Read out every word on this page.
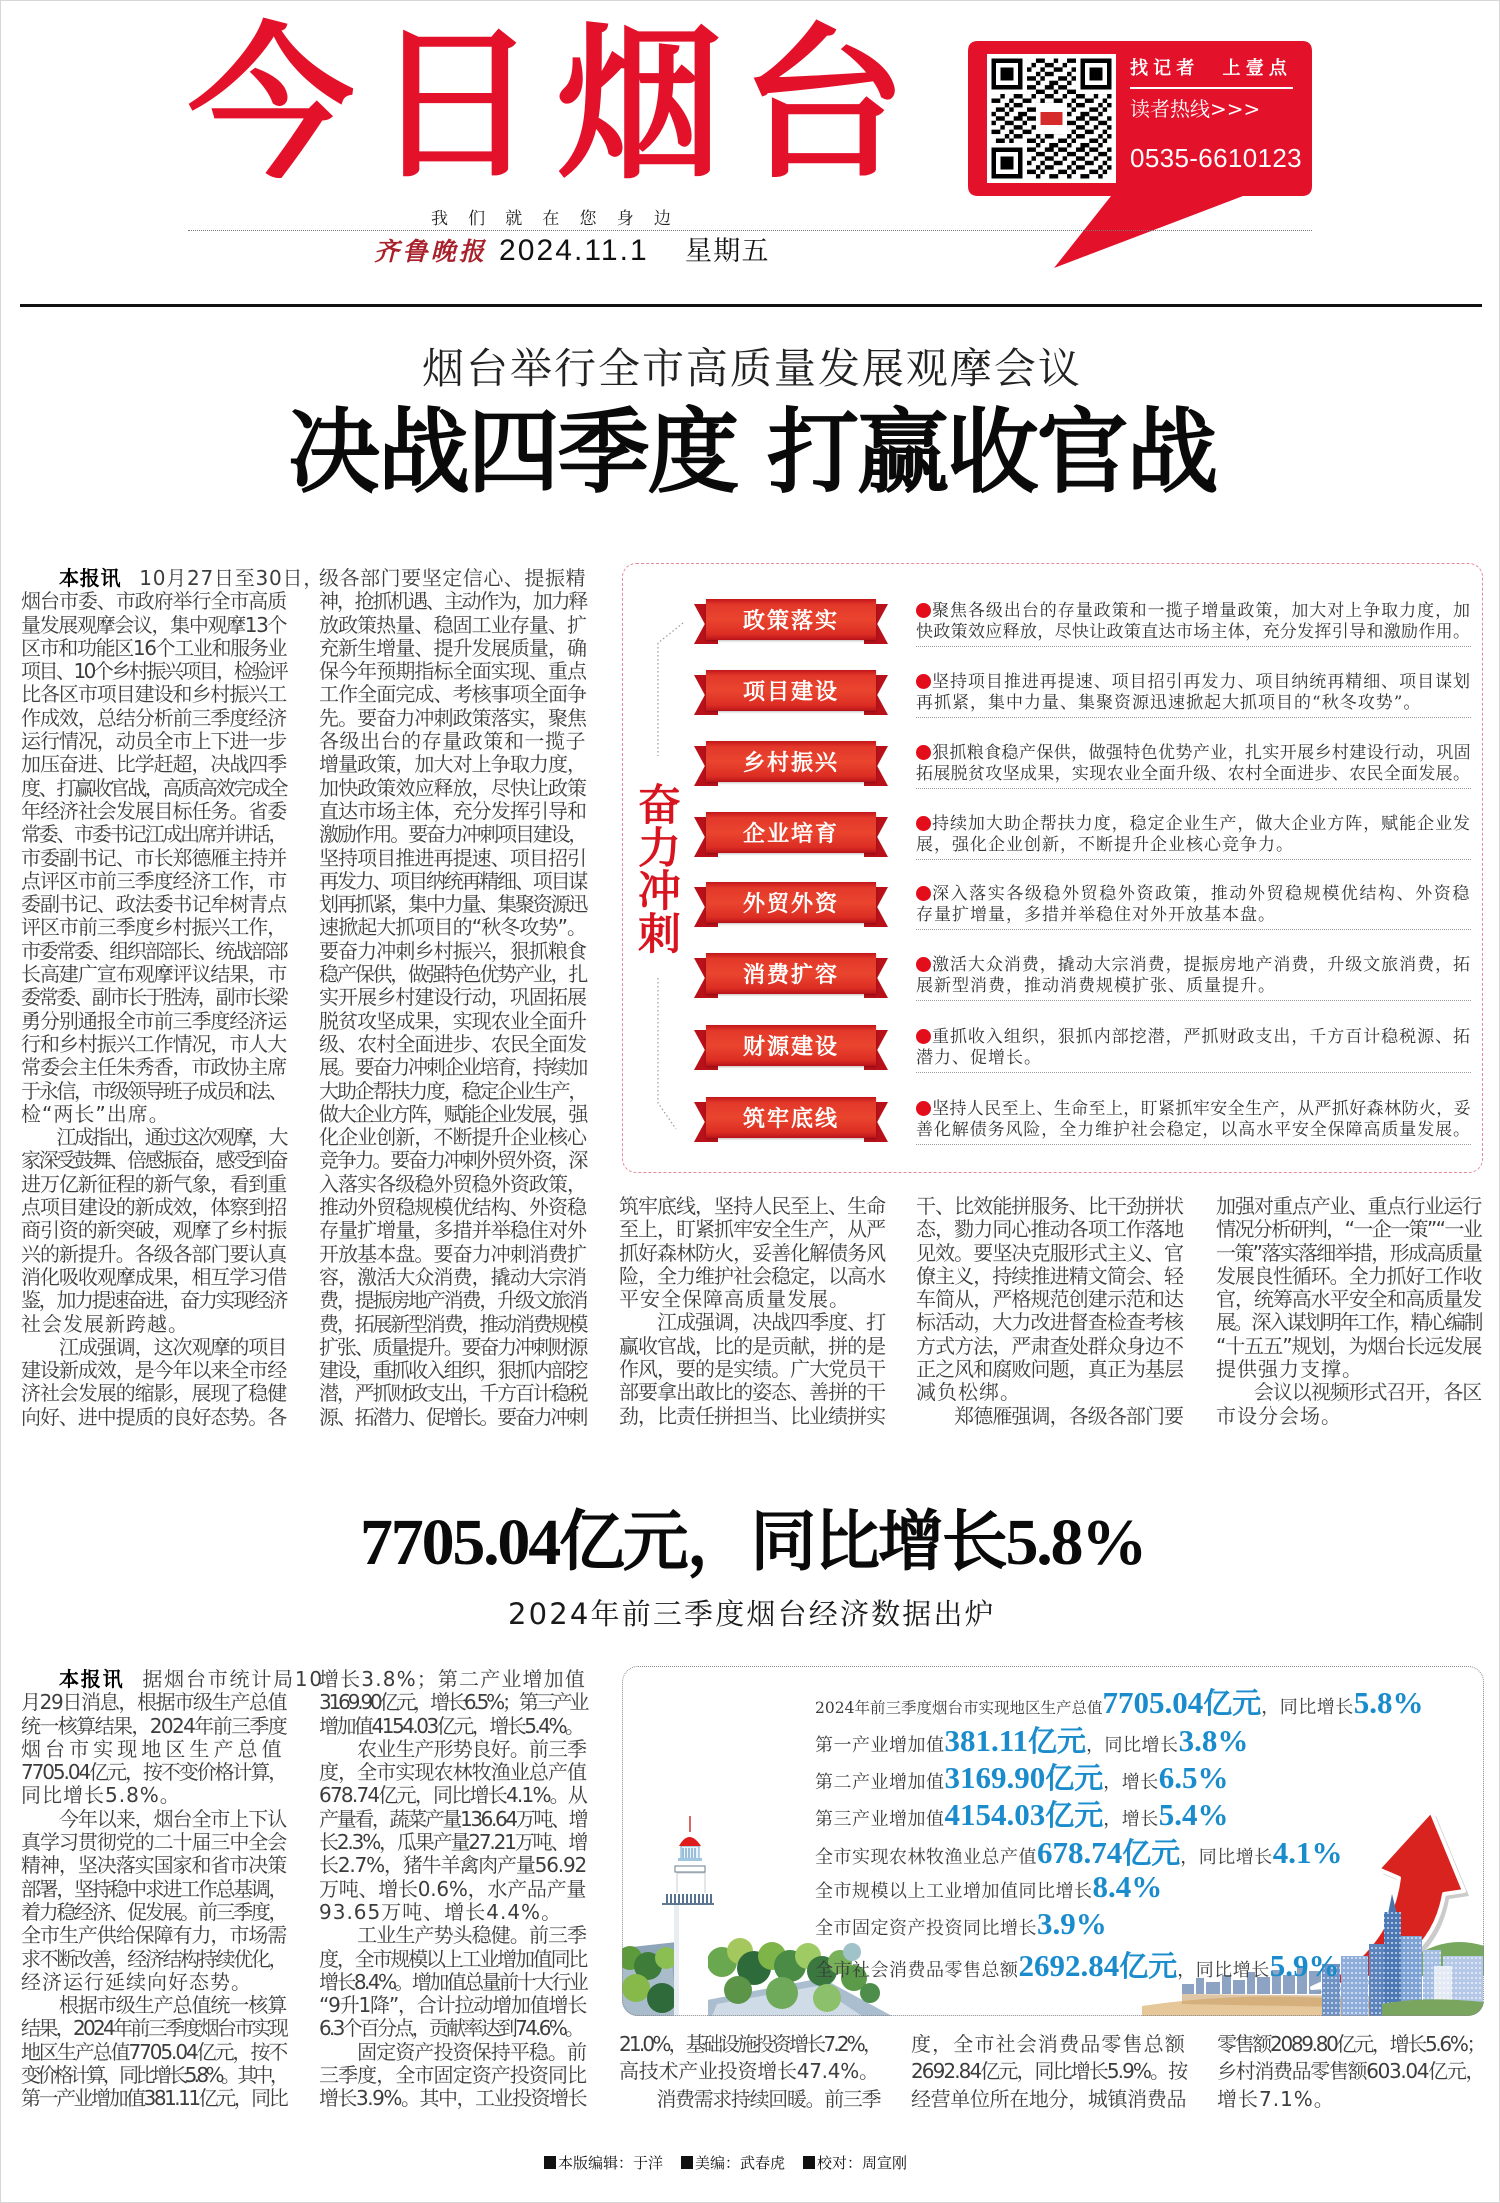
今日烟台	找记者　上壹点
读者热线>>>
0535-6610123
我们就在您身边
齐鲁晚报 2024.11.1 星期五
烟台举行全市高质量发展观摩会议
决战四季度 打赢收官战
本报讯 10月27日至30日，
烟台市委、市政府举行全市高质
量发展观摩会议，集中观摩13个
区市和功能区16个工业和服务业
项目、10个乡村振兴项目，检验评
比各区市项目建设和乡村振兴工
作成效，总结分析前三季度经济
运行情况，动员全市上下进一步
加压奋进、比学赶超，决战四季
度、打赢收官战，高质高效完成全
年经济社会发展目标任务。省委
常委、市委书记江成出席并讲话，
市委副书记、市长郑德雁主持并
点评区市前三季度经济工作，市
委副书记、政法委书记牟树青点
评区市前三季度乡村振兴工作，
市委常委、组织部部长、统战部部
长高建广宣布观摩评议结果，市
委常委、副市长于胜涛，副市长梁
勇分别通报全市前三季度经济运
行和乡村振兴工作情况，市人大
常委会主任朱秀香，市政协主席
于永信，市级领导班子成员和法、
检“两长”出席。
　　江成指出，通过这次观摩，大
家深受鼓舞、倍感振奋，感受到奋
进万亿新征程的新气象，看到重
点项目建设的新成效，体察到招
商引资的新突破，观摩了乡村振
兴的新提升。各级各部门要认真
消化吸收观摩成果，相互学习借
鉴，加力提速奋进，奋力实现经济
社会发展新跨越。
　　江成强调，这次观摩的项目
建设新成效，是今年以来全市经
济社会发展的缩影，展现了稳健
向好、进中提质的良好态势。各
级各部门要坚定信心、提振精
神，抢抓机遇、主动作为，加力释
放政策热量、稳固工业存量、扩
充新生增量、提升发展质量，确
保今年预期指标全面实现、重点
工作全面完成、考核事项全面争
先。要奋力冲刺政策落实，聚焦
各级出台的存量政策和一揽子
增量政策，加大对上争取力度，
加快政策效应释放，尽快让政策
直达市场主体，充分发挥引导和
激励作用。要奋力冲刺项目建设，
坚持项目推进再提速、项目招引
再发力、项目纳统再精细、项目谋
划再抓紧，集中力量、集聚资源迅
速掀起大抓项目的“秋冬攻势”。
要奋力冲刺乡村振兴，狠抓粮食
稳产保供，做强特色优势产业，扎
实开展乡村建设行动，巩固拓展
脱贫攻坚成果，实现农业全面升
级、农村全面进步、农民全面发
展。要奋力冲刺企业培育，持续加
大助企帮扶力度，稳定企业生产，
做大企业方阵，赋能企业发展，强
化企业创新，不断提升企业核心
竞争力。要奋力冲刺外贸外资，深
入落实各级稳外贸稳外资政策，
推动外贸稳规模优结构、外资稳
存量扩增量，多措并举稳住对外
开放基本盘。要奋力冲刺消费扩
容，激活大众消费，撬动大宗消
费，提振房地产消费，升级文旅消
费，拓展新型消费，推动消费规模
扩张、质量提升。要奋力冲刺财源
建设，重抓收入组织，狠抓内部挖
潜，严抓财政支出，千方百计稳税
源、拓潜力、促增长。要奋力冲刺
筑牢底线，坚持人民至上、生命
至上，盯紧抓牢安全生产，从严
抓好森林防火，妥善化解债务风
险，全力维护社会稳定，以高水
平安全保障高质量发展。
　　江成强调，决战四季度、打
赢收官战，比的是贡献，拼的是
作风，要的是实绩。广大党员干
部要拿出敢比的姿态、善拼的干
劲，比责任拼担当、比业绩拼实
干、比效能拼服务、比干劲拼状
态，勠力同心推动各项工作落地
见效。要坚决克服形式主义、官
僚主义，持续推进精文简会、轻
车简从，严格规范创建示范和达
标活动，大力改进督查检查考核
方式方法，严肃查处群众身边不
正之风和腐败问题，真正为基层
减负松绑。
　　郑德雁强调，各级各部门要
加强对重点产业、重点行业运行
情况分析研判，“一企一策”“一业
一策”落实落细举措，形成高质量
发展良性循环。全力抓好工作收
官，统筹高水平安全和高质量发
展。深入谋划明年工作，精心编制
“十五五”规划，为烟台长远发展
提供强力支撑。
　　会议以视频形式召开，各区
市设分会场。
奋力冲刺
政策落实	聚焦各级出台的存量政策和一揽子增量政策，加大对上争取力度，加
快政策效应释放，尽快让政策直达市场主体，充分发挥引导和激励作用。
项目建设	坚持项目推进再提速、项目招引再发力、项目纳统再精细、项目谋划
再抓紧，集中力量、集聚资源迅速掀起大抓项目的“秋冬攻势”。
乡村振兴	狠抓粮食稳产保供，做强特色优势产业，扎实开展乡村建设行动，巩固
拓展脱贫攻坚成果，实现农业全面升级、农村全面进步、农民全面发展。
企业培育	持续加大助企帮扶力度，稳定企业生产，做大企业方阵，赋能企业发
展，强化企业创新，不断提升企业核心竞争力。
外贸外资	深入落实各级稳外贸稳外资政策，推动外贸稳规模优结构、外资稳
存量扩增量，多措并举稳住对外开放基本盘。
消费扩容	激活大众消费，撬动大宗消费，提振房地产消费，升级文旅消费，拓
展新型消费，推动消费规模扩张、质量提升。
财源建设	重抓收入组织，狠抓内部挖潜，严抓财政支出，千方百计稳税源、拓
潜力、促增长。
筑牢底线	坚持人民至上、生命至上，盯紧抓牢安全生产，从严抓好森林防火，妥
善化解债务风险，全力维护社会稳定，以高水平安全保障高质量发展。
7705.04亿元，同比增长5.8%
2024年前三季度烟台经济数据出炉
本报讯 据烟台市统计局10
月29日消息，根据市级生产总值
统一核算结果，2024年前三季度
烟台市实现地区生产总值
7705.04亿元，按不变价格计算，
同比增长5.8%。
　　今年以来，烟台全市上下认
真学习贯彻党的二十届三中全会
精神，坚决落实国家和省市决策
部署，坚持稳中求进工作总基调，
着力稳经济、促发展。前三季度，
全市生产供给保障有力，市场需
求不断改善，经济结构持续优化，
经济运行延续向好态势。
　　根据市级生产总值统一核算
结果，2024年前三季度烟台市实现
地区生产总值7705.04亿元，按不
变价格计算，同比增长5.8%。其中，
第一产业增加值381.11亿元，同比
增长3.8%；第二产业增加值
3169.90亿元，增长6.5%；第三产业
增加值4154.03亿元，增长5.4%。
　　农业生产形势良好。前三季
度，全市实现农林牧渔业总产值
678.74亿元，同比增长4.1%。从
产量看，蔬菜产量136.64万吨、增
长2.3%，瓜果产量27.21万吨、增
长2.7%，猪牛羊禽肉产量56.92
万吨、增长0.6%，水产品产量
93.65万吨、增长4.4%。
　　工业生产势头稳健。前三季
度，全市规模以上工业增加值同比
增长8.4%。增加值总量前十大行业
“9升1降”，合计拉动增加值增长
6.3个百分点，贡献率达到74.6%。
　　固定资产投资保持平稳。前
三季度，全市固定资产投资同比
增长3.9%。其中，工业投资增长
2024年前三季度烟台市实现地区生产总值 7705.04 亿元 ，同比增长 5.8%
第一产业增加值 381.11 亿元 ，同比增长 3.8%
第二产业增加值 3169.90 亿元 ，增长 6.5%
第三产业增加值 4154.03 亿元 ，增长 5.4%
全市实现农林牧渔业总产值 678.74 亿元 ，同比增长 4.1%
全市规模以上工业增加值同比增长 8.4%
全市固定资产投资同比增长 3.9%
全市社会消费品零售总额 2692.84 亿元 ，同比增长 5.9%
21.0%，基础设施投资增长7.2%，
高技术产业投资增长47.4%。
　　消费需求持续回暖。前三季
度，全市社会消费品零售总额
2692.84亿元，同比增长5.9%。按
经营单位所在地分，城镇消费品
零售额2089.80亿元，增长5.6%；
乡村消费品零售额603.04亿元，
增长7.1%。
本版编辑：于洋	美编：武春虎	校对：周宣刚
